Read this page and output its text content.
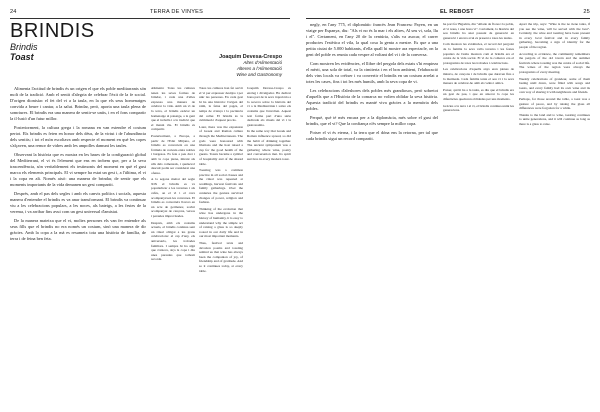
24	TERRA DE VINYES	EL REBOST	25
BRINDIS
Brindis
Toast	Joaquim Devesa-Crespo
Altes d'Alimentació
Alteres a l'Alimentació
Wine and Gastronomy

Alimenta l'actitud de brindis és un origen el que els poble meditarranis són molt de la tradició. Amb el sentit d'alegria de celebrar l'èxit de la fe social. D'origen dionisíac el fet del vi a la taula, en la que els seus homenatges convida a beure i cantar, a la salut. Brindar, però, aporta una taula plena de somriures. El brindis era una manera de sentir-se units, i en el fons compartir la il·lusió d'un futur millor.

Posteriorment, la cultura grega i la romana en van estendre el costum pertot. Els brindis es feien en honor dels déus, de la virtut i de l'abundància dels sentits; i tot el món escoltava amb respecte el moment en què les copes s'alçaven, una remor de vidres amb les ampolles damunt les taules.

Observant la història que es mostra en les bases de la configuració global del Mediterrani, el vi és l'element que ens en trobem que, per a la seva trascendència, són veritablement els testimonis del moment en què el gust marca els elements principals. El vi sempre ha estat un gest i, a l'última, el vi i la copa en alt. Només això: una manera de brindar, de sentir que els moments importants de la vida demanen un gest compartit.

Després, amb el pas dels segles i amb els canvis polítics i socials, aquesta manera d'entendre el brindis es va anar transformant. El brindis va continuar viu a les celebracions populars, a les noces, als bateigs, a les festes de la verema, i va arribar fins avui com un gest universal d'amistat.

De la manera mateixa que el vi, moltes persones els van fer entendre als seus fills que el brindis no era només un costum, sinó una manera de dir gràcies. Amb la copa a la mà es resumeix tota una història de família, de terra i de feina ben feta.

Aliments: Totes les cultures tenen les seves formes de brindar, i cada una d'elles expressa una manera de celebrar la vida. Amb un vi de la terra, el brindis esdevé un homenatge al paisatge, a la gent que el treballa i a la tradició que el manté viu. El brindis és compartir.

Posteriorment, a Europa, a partir de l'Edat Mitjana, el brindis es converteix en una fórmula de cortesia entre nobles i burgesos. Es feia a peu dret i amb la copa plena, mirant als ulls dels comensals, i qualsevol descuit podia ser considerat una ofensa.

A la segona meitat del segle XIX el brindis es va popularitzar a les tavernes i als cafès, on el vi i el cava acompanyaven les converses. El brindis es converteix llavors en un acte de germanor, sovint acompanyat de cançons, versos i paraules improvisades.

Després, amb els costums actuals, el brindis continua sent un ritual obligat a les grans celebracions: el cap d'any, els aniversaris, les trobades familiars. I sempre hi ha algú que s'aixeca, alça la copa i diu unes paraules que tothom recorda.

Totes les cultures han fet servir el vi per expressar desitjos i per unir les persones. En cada gest hi ha una història: l'origen del raïm, la feina del pagès, el temps de criança i la paciència del celler. El brindis és la culminació d'aquest procés.

Later, there was the expansion of Greek and Roman culture through the Mediterranean. The gods were honoured with libations and the host raised a cup for the good health of the guests. Toasts became a symbol of hospitality and of the shared table.

Toasting was a common practice in all social classes and the ritual was repeated at weddings, harvest festivals and family gatherings. Over the centuries the gesture survived changes of power, religion and fashion.

Thinking of the evolution that wine has undergone in the history of humanity, it is easy to understand why the simple act of raising a glass is so deeply rooted in our daily life and in our most important moments.

Thus, festival texts and devotion poems and toasting remind us that wine has always been the companion of joy, of friendship and of gratitude. And so it continues today, at every table.

Joaquim Devesa-Crespo és enòleg i divulgador. Ha dedicat bona part de la seva trajectòria a la recerca sobre la història del vi a la Mediterrània i sobre els costums que l'envolten. Aquest text forma part d'una sèrie dedicada als rituals del vi i la gastronomia.

In the same way that Greek and Roman influence spread, so did the habit of drinking together. The ancient symposium was a gathering where wine, poetry and conversation met. Its spirit survives in every modern toast.

negly, en l'any 775, el diplomàtic francès Jean Francesc Payen, en un viatge per Espanya, diu: "Als vi no és la mar i els altres, Al seu vi, sola, llu i el". Certament, en l'any 20 de la centúria, s'alts va asocar, el carrer productes l'estètica el vila, la qual cosa la genta a mestre. Es que a una petita ciutat de 5.000 habitants, d'ella quall hi mostre ara espectacle, on la gent del poble es reunia cada vespre al voltant del vi i de la conversa.

Com mostren les evidències, el llibre del pergola dels estats s'hi empieza el mèrit, una sola de total, va la cimiteria i en el bon ambient, l'elaboració dels vins locals va créixer i va convertir el brindis en un costum arrelat a totes les cases, fins i tot les més humils, amb la seva copa de vi.

Les celebracions d'aleshores dels pobles més grandiosos, però sobretot d'aquells que a l'Història de la comarca no volien oblidar la seva història. Aquesta tradició del brindis es manté viva gràcies a la memòria dels pobles.

Perquè, què té més encara per a la diplomàcia, més sobre el gust del brindis, que el vi? Que la confiança n'és sempre la millor copa.

Potser el vi és eterna, i la terra que el dóna ens la retorna, per tal que cada brindis sigui un record compartit.

he port for Bigadón, diu "Allade de flores i la poble, el vi nous, i una bona vi". Certament, la història del seu brindis ha anat passant de generació en generació i encara avui és present a totes les taules.

Com mostren les evidències, el record del pergolat de la família la seva vella taverna i les festes populars de l'estiu mostren com el brindis era el centre de la vida social. El vi de la comarca era el protagonista de totes les trobades i celebracions.

Les celebracions d'aquells anys eren plenes de música, de cançons i de brindis que duraven fins a la matinada. Cada família tenia el seu vi i la seva manera de celebrar-ho amb els veïns i amics.

Potser, qui hi ha a la taula, es diu que el brindis era un gest de pau, i que en aixecar la copa les diferències quedaven oblidades per uns moments.

Gràcies a la terra i al vi, el brindis continua unint les generacions.

Apart the trip, says: "Wine is the no tiene tanta, if you see the wine, will be served with the best". Certainly, the wine and toasting have been present in every local festival and in every family gathering, becoming a sign of identity for the people of the region.

According to evidence, the community remembers the pergola of the old tavern and the summer festivals where toasting was the centre of social life. The wines of the region were always the protagonists of every meeting.

Weekly celebrations of grandeur, some of them lasting until dawn, were filled with songs and toasts, and every family had its own wine and its own way of sharing it with neighbours and friends.

Perhaps, for those around the table, a toast was a gesture of peace, and by raising the glass all differences were forgotten for a while.

Thanks to the land and to wine, toasting continues to unite generations, and it will continue as long as there is a glass to raise.
